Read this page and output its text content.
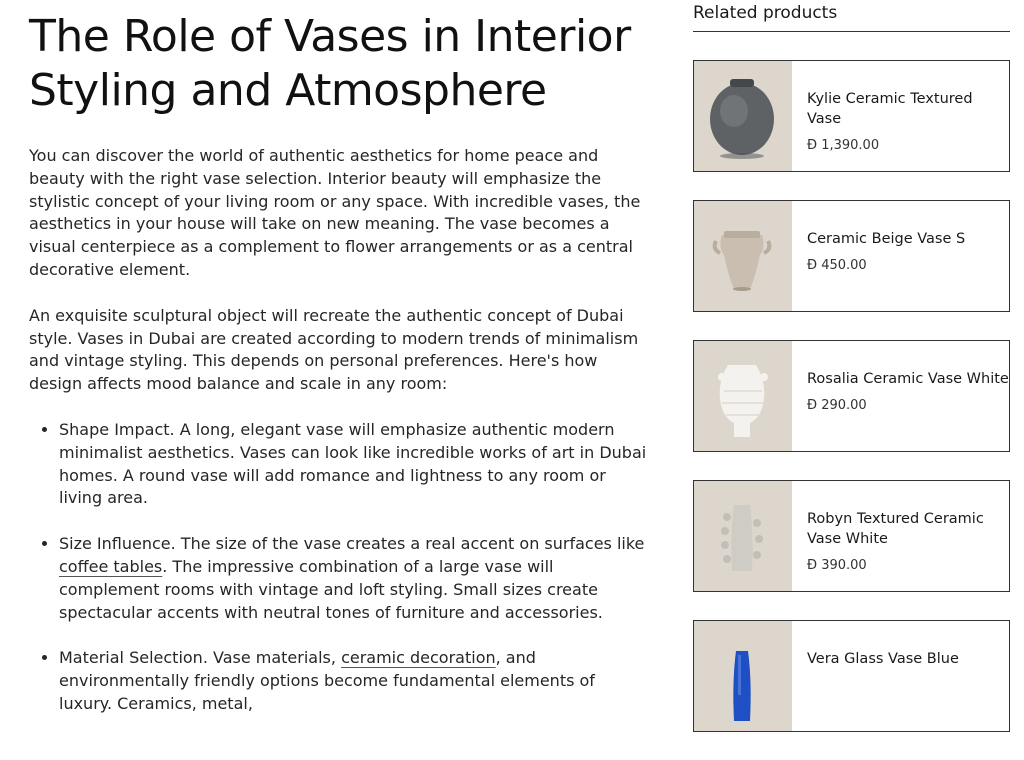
The Role of Vases in Interior Styling and Atmosphere

You can discover the world of authentic aesthetics for home peace and beauty with the right vase selection. Interior beauty will emphasize the stylistic concept of your living room or any space. With incredible vases, the aesthetics in your house will take on new meaning. The vase becomes a visual centerpiece as a complement to flower arrangements or as a central decorative element.

An exquisite sculptural object will recreate the authentic concept of Dubai style. Vases in Dubai are created according to modern trends of minimalism and vintage styling. This depends on personal preferences. Here's how design affects mood balance and scale in any room:

• Shape Impact. A long, elegant vase will emphasize authentic modern minimalist aesthetics. Vases can look like incredible works of art in Dubai homes. A round vase will add romance and lightness to any room or living area.
• Size Influence. The size of the vase creates a real accent on surfaces like coffee tables. The impressive combination of a large vase will complement rooms with vintage and loft styling. Small sizes create spectacular accents with neutral tones of furniture and accessories.
• Material Selection. Vase materials, ceramic decoration, and environmentally friendly options become fundamental elements of luxury. Ceramics, metal,
Related products
Kylie Ceramic Textured Vase
Đ 1,390.00
Ceramic Beige Vase S
Đ 450.00
Rosalia Ceramic Vase White
Đ 290.00
Robyn Textured Ceramic Vase White
Đ 390.00
Vera Glass Vase Blue
